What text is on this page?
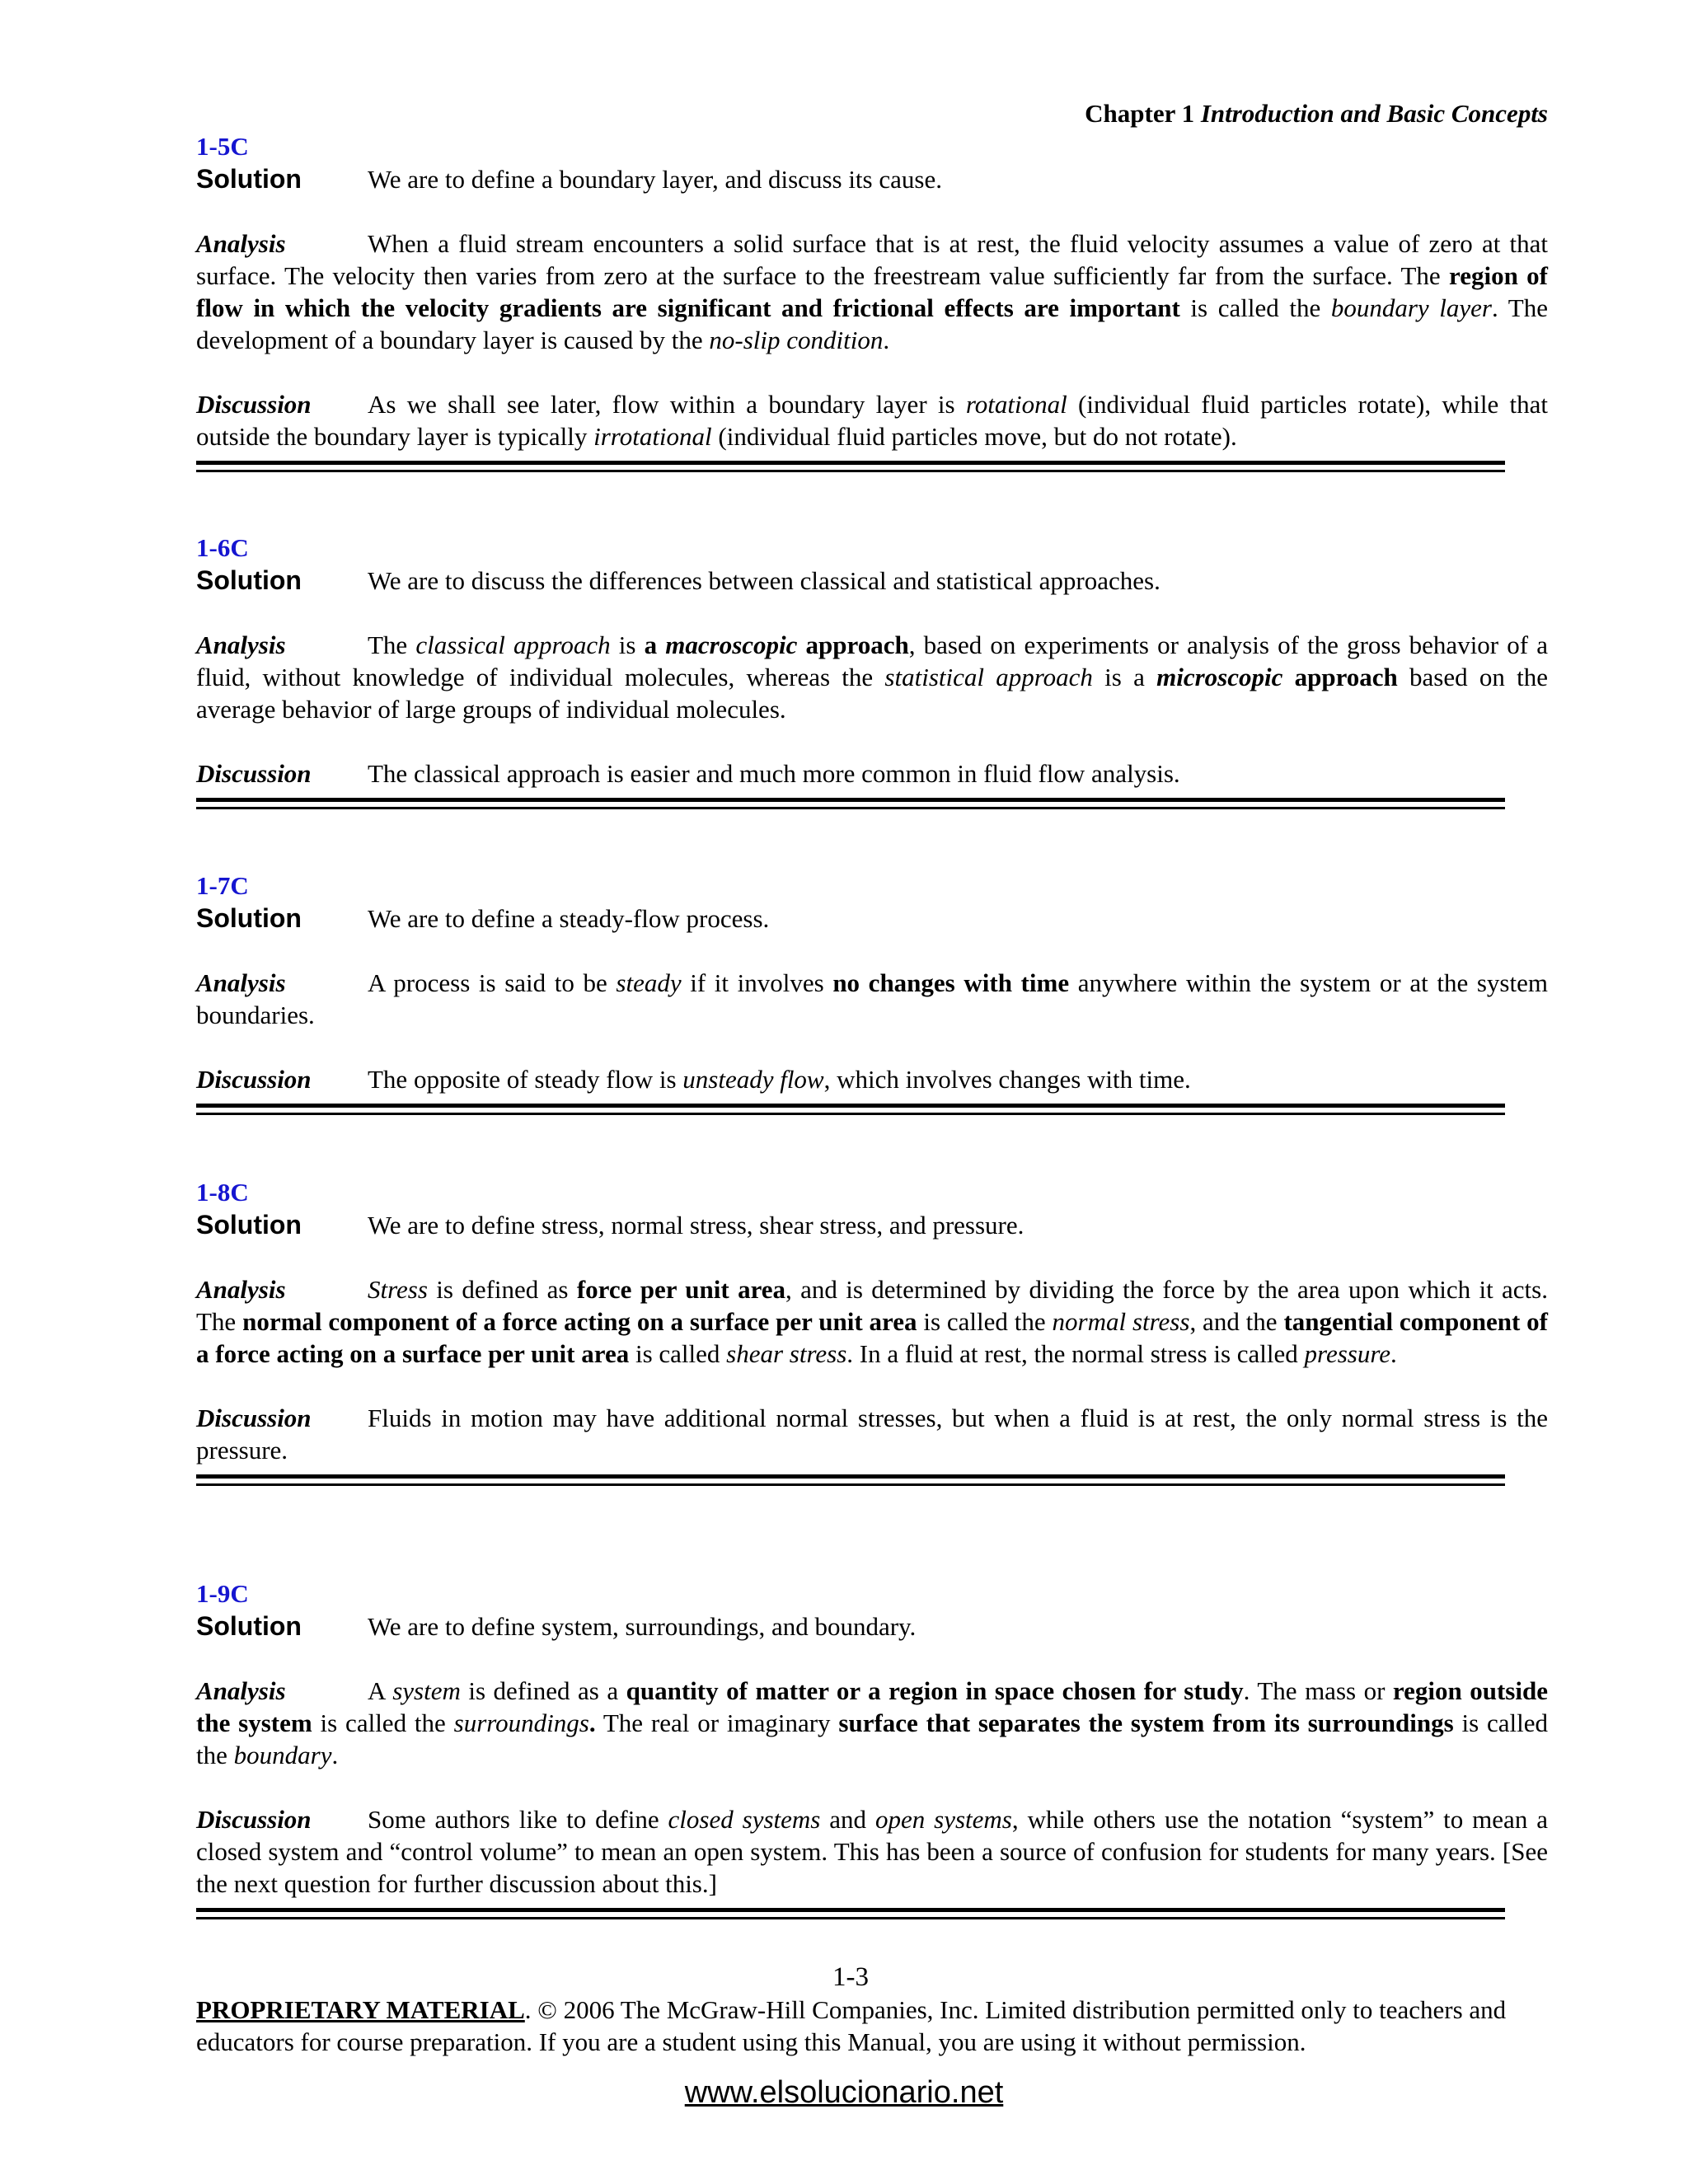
Chapter 1 Introduction and Basic Concepts
1-5C
Solution	We are to define a boundary layer, and discuss its cause.
Analysis	When a fluid stream encounters a solid surface that is at rest, the fluid velocity assumes a value of zero at that surface. The velocity then varies from zero at the surface to the freestream value sufficiently far from the surface. The region of flow in which the velocity gradients are significant and frictional effects are important is called the boundary layer. The development of a boundary layer is caused by the no-slip condition.
Discussion As we shall see later, flow within a boundary layer is rotational (individual fluid particles rotate), while that outside the boundary layer is typically irrotational (individual fluid particles move, but do not rotate).
1-6C
Solution	We are to discuss the differences between classical and statistical approaches.
Analysis	The classical approach is a macroscopic approach, based on experiments or analysis of the gross behavior of a fluid, without knowledge of individual molecules, whereas the statistical approach is a microscopic approach based on the average behavior of large groups of individual molecules.
Discussion The classical approach is easier and much more common in fluid flow analysis.
1-7C
Solution	We are to define a steady-flow process.
Analysis	A process is said to be steady if it involves no changes with time anywhere within the system or at the system boundaries.
Discussion The opposite of steady flow is unsteady flow, which involves changes with time.
1-8C
Solution	We are to define stress, normal stress, shear stress, and pressure.
Analysis	Stress is defined as force per unit area, and is determined by dividing the force by the area upon which it acts. The normal component of a force acting on a surface per unit area is called the normal stress, and the tangential component of a force acting on a surface per unit area is called shear stress. In a fluid at rest, the normal stress is called pressure.
Discussion Fluids in motion may have additional normal stresses, but when a fluid is at rest, the only normal stress is the pressure.
1-9C
Solution	We are to define system, surroundings, and boundary.
Analysis	A system is defined as a quantity of matter or a region in space chosen for study. The mass or region outside the system is called the surroundings. The real or imaginary surface that separates the system from its surroundings is called the boundary.
Discussion Some authors like to define closed systems and open systems, while others use the notation “system” to mean a closed system and “control volume” to mean an open system. This has been a source of confusion for students for many years. [See the next question for further discussion about this.]
1-3
PROPRIETARY MATERIAL. © 2006 The McGraw-Hill Companies, Inc. Limited distribution permitted only to teachers and educators for course preparation. If you are a student using this Manual, you are using it without permission.
www.elsolucionario.net
